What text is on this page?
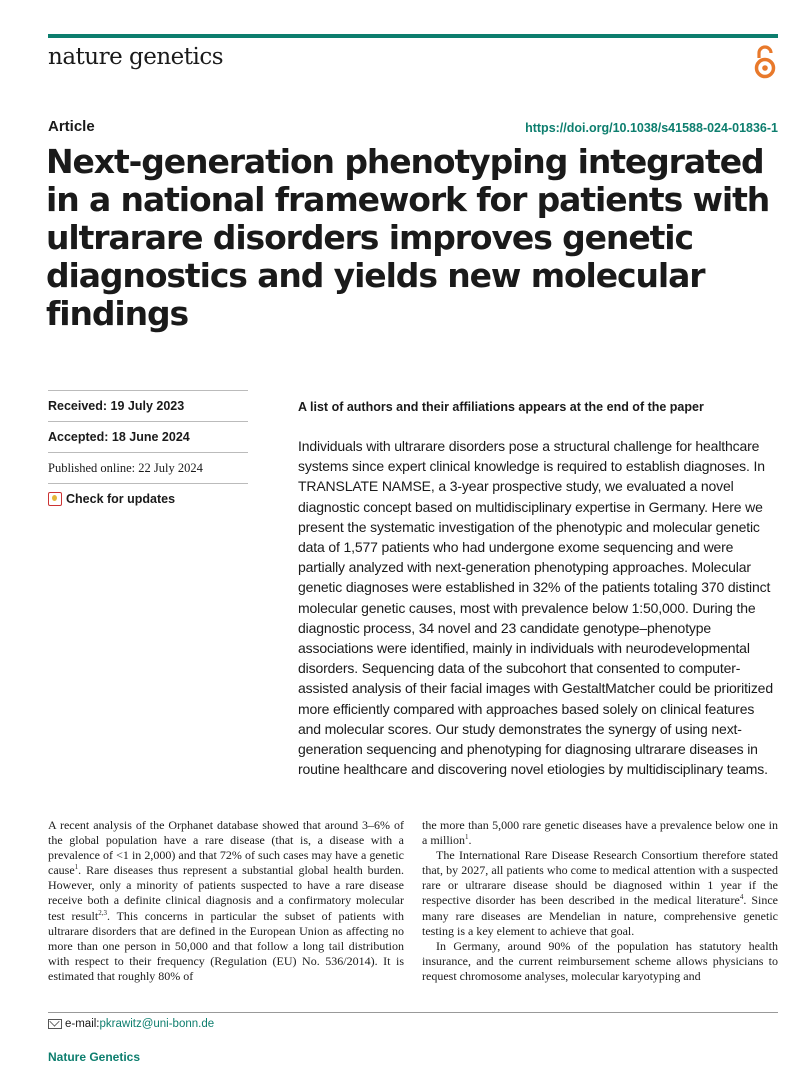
nature genetics
Article	https://doi.org/10.1038/s41588-024-01836-1
Next-generation phenotyping integrated in a national framework for patients with ultrarare disorders improves genetic diagnostics and yields new molecular findings
Received: 19 July 2023
Accepted: 18 June 2024
Published online: 22 July 2024
Check for updates
A list of authors and their affiliations appears at the end of the paper

Individuals with ultrarare disorders pose a structural challenge for healthcare systems since expert clinical knowledge is required to establish diagnoses. In TRANSLATE NAMSE, a 3-year prospective study, we evaluated a novel diagnostic concept based on multidisciplinary expertise in Germany. Here we present the systematic investigation of the phenotypic and molecular genetic data of 1,577 patients who had undergone exome sequencing and were partially analyzed with next-generation phenotyping approaches. Molecular genetic diagnoses were established in 32% of the patients totaling 370 distinct molecular genetic causes, most with prevalence below 1:50,000. During the diagnostic process, 34 novel and 23 candidate genotype–phenotype associations were identified, mainly in individuals with neurodevelopmental disorders. Sequencing data of the subcohort that consented to computer-assisted analysis of their facial images with GestaltMatcher could be prioritized more efficiently compared with approaches based solely on clinical features and molecular scores. Our study demonstrates the synergy of using next-generation sequencing and phenotyping for diagnosing ultrarare diseases in routine healthcare and discovering novel etiologies by multidisciplinary teams.

A recent analysis of the Orphanet database showed that around 3–6% of the global population have a rare disease (that is, a disease with a prevalence of <1 in 2,000) and that 72% of such cases may have a genetic cause$^1$. Rare diseases thus represent a substantial global health burden. However, only a minority of patients suspected to have a rare disease receive both a definite clinical diagnosis and a confirmatory molecular test result$^{2,3}$. This concerns in particular the subset of patients with ultrarare disorders that are defined in the European Union as affecting no more than one person in 50,000 and that follow a long tail distribution with respect to their frequency (Regulation (EU) No. 536/2014). It is estimated that roughly 80% of

the more than 5,000 rare genetic diseases have a prevalence below one in a million$^1$.

The International Rare Disease Research Consortium therefore stated that, by 2027, all patients who come to medical attention with a suspected rare or ultrarare disease should be diagnosed within 1 year if the respective disorder has been described in the medical literature$^4$. Since many rare diseases are Mendelian in nature, comprehensive genetic testing is a key element to achieve that goal.

In Germany, around 90% of the population has statutory health insurance, and the current reimbursement scheme allows physicians to request chromosome analyses, molecular karyotyping and

e-mail: pkrawitz@uni-bonn.de
Nature Genetics
